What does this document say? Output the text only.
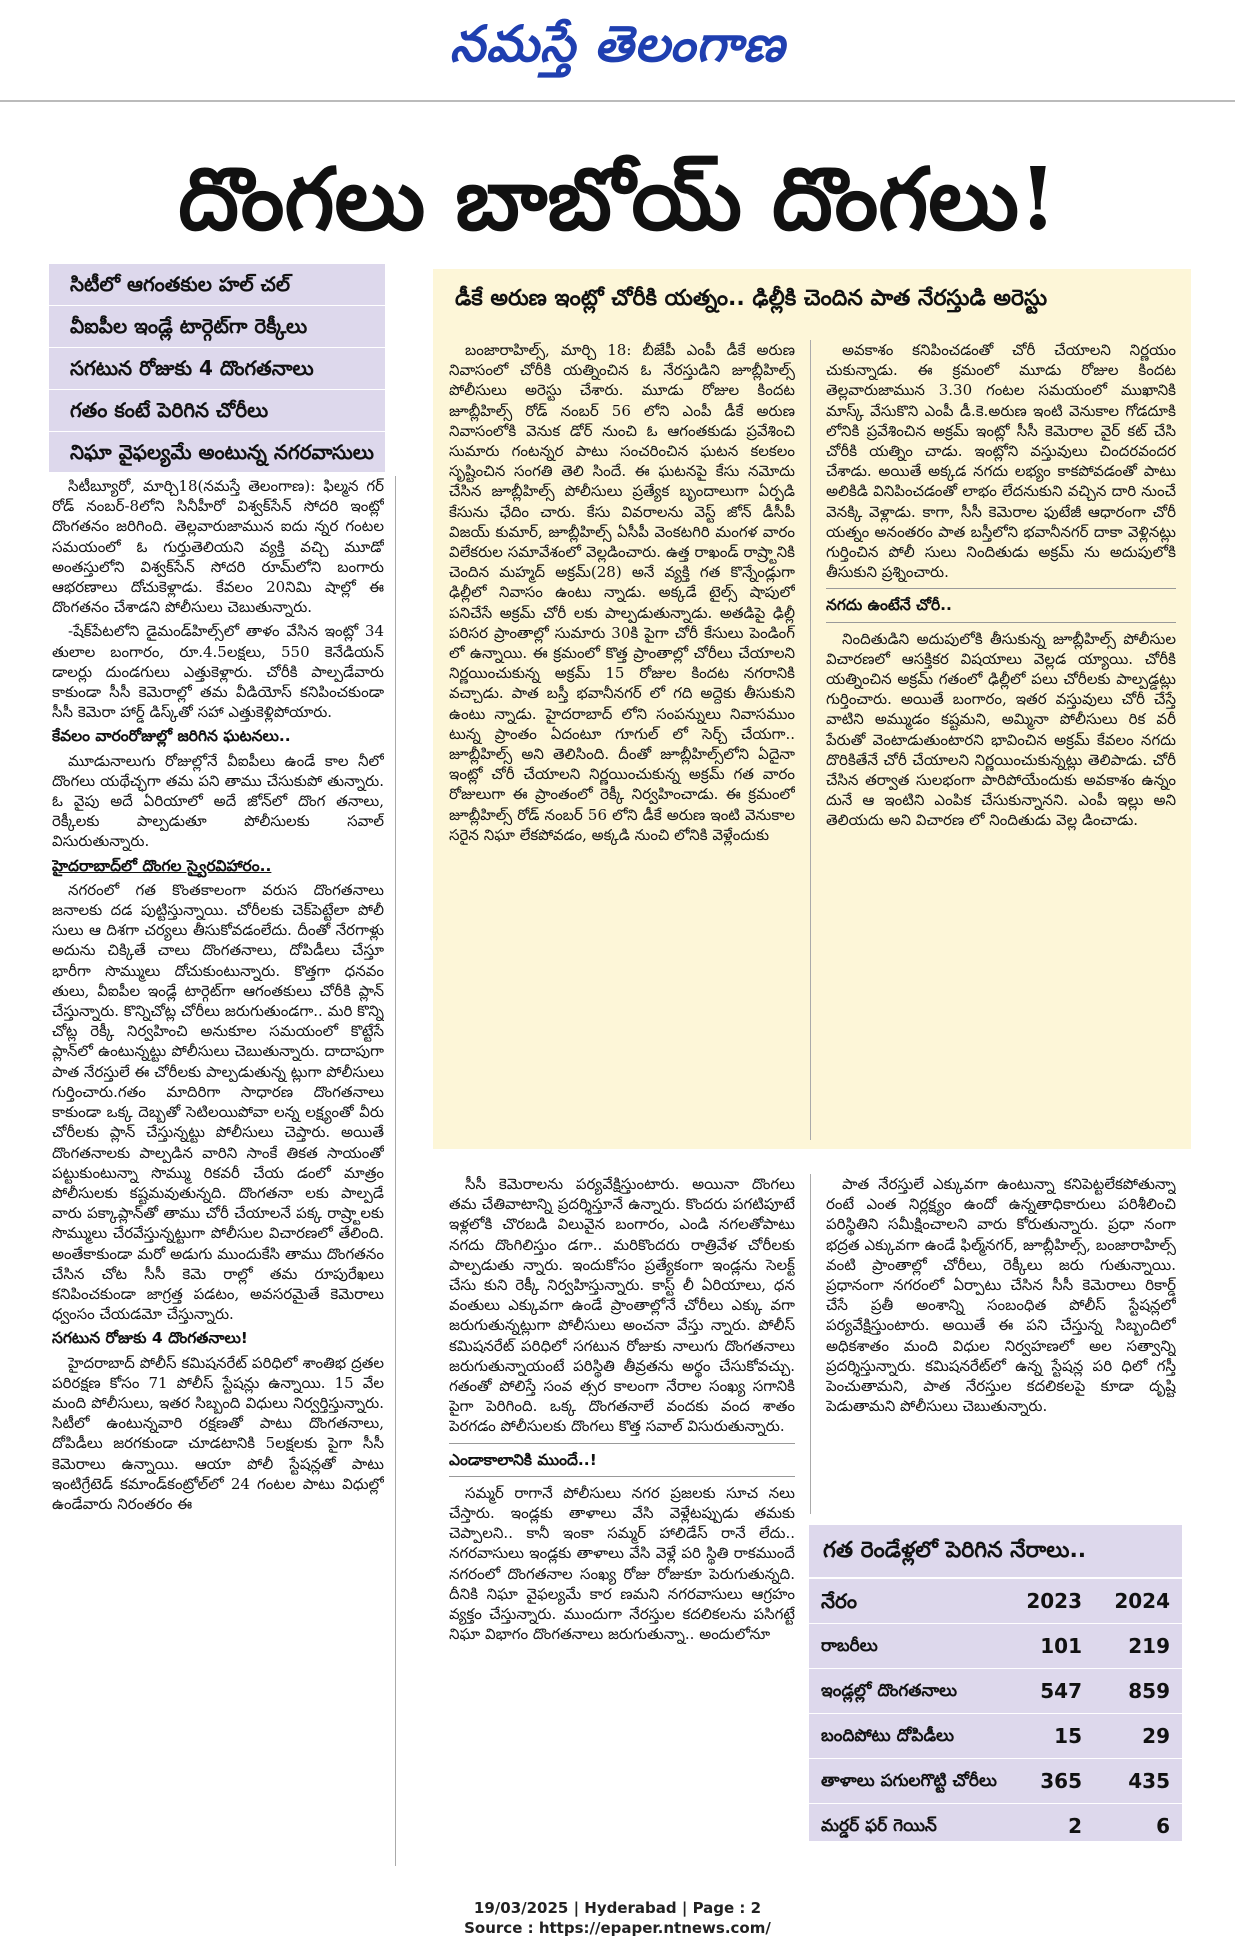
నమస్తే తెలంగాణ
దొంగలు బాబోయ్ దొంగలు!
సిటీలో ఆగంతకుల హల్ చల్
వీఐపీల ఇండ్లే టార్గెట్‌గా రెక్కీలు
సగటున రోజుకు 4 దొంగతనాలు
గతం కంటే పెరిగిన చోరీలు
నిఘా వైఫల్యమే అంటున్న నగరవాసులు
డీకే అరుణ ఇంట్లో చోరీకి యత్నం.. ఢిల్లీకి చెందిన పాత నేరస్తుడి అరెస్టు

సిటీబ్యూరో, మార్చి18(నమస్తే తెలంగాణ): ఫిల్మన గర్ రోడ్ నంబర్-8లోని సినీహీరో విశ్వక్‌సేన్ సోదరి ఇంట్లో దొంగతనం జరిగింది. తెల్లవారుజామున ఐదు న్నర గంటల సమయంలో ఓ గుర్తుతెలియని వ్యక్తి వచ్చి మూడో అంతస్తులోని విశ్వక్‌సేన్ సోదరి రూమ్‌లోని బంగారు ఆభరణాలు దోచుకెళ్లాడు. కేవలం 20నిమి షాల్లో ఈ దొంగతనం చేశాడని పోలీసులు చెబుతున్నారు.

-షేక్‌పేటలోని డైమండ్‌హిల్స్‌లో తాళం వేసిన ఇంట్లో 34 తులాల బంగారం, రూ.4.5లక్షలు, 550 కెనేడియన్ డాలర్లు దుండగులు ఎత్తుకెళ్లారు. చోరీకి పాల్పడేవారు కాకుండా సీసీ కెమెరాల్లో తమ వీడియోస్ కనిపించకుండా సీసీ కెమెరా హార్డ్ డిస్క్‌తో సహా ఎత్తుకెళ్లిపోయారు.

కేవలం వారంరోజుల్లో జరిగిన ఘటనలు..

మూడునాలుగు రోజుల్లోనే వీఐపీలు ఉండే కాల నీలో దొంగలు యథేచ్ఛగా తమ పని తాము చేసుకుపో తున్నారు. ఓ వైపు అదే ఏరియాలో అదే జోన్‌లో దొంగ తనాలు, రెక్కీలకు పాల్పడుతూ పోలీసులకు సవాల్ విసురుతున్నారు.

హైదరాబాద్‌లో దొంగల స్వైరవిహారం..

నగరంలో గత కొంతకాలంగా వరుస దొంగతనాలు జనాలకు దడ పుట్టిస్తున్నాయి. చోరీలకు చెక్‌పెట్టేలా పోలీ సులు ఆ దిశగా చర్యలు తీసుకోవడంలేదు. దీంతో నేరగాళ్లు అదును చిక్కితే చాలు దొంగతనాలు, దోపిడీలు చేస్తూ భారీగా సొమ్ములు దోచుకుంటున్నారు. కొత్తగా ధనవం తులు, వీఐపీల ఇండ్లే టార్గెట్‌గా ఆగంతకులు చోరీకి ప్లాన్ చేస్తున్నారు. కొన్నిచోట్ల చోరీలు జరుగుతుండగా.. మరి కొన్ని చోట్ల రెక్కీ నిర్వహించి అనుకూల సమయంలో కొట్టేసే ప్లాన్‌లో ఉంటున్నట్టు పోలీసులు చెబుతున్నారు. దాదాపుగా పాత నేరస్తులే ఈ చోరీలకు పాల్పడుతున్న ట్లుగా పోలీసులు గుర్తించారు.గతం మాదిరిగా సాధారణ దొంగతనాలు కాకుండా ఒక్క దెబ్బతో సెటిలయిపోవా లన్న లక్ష్యంతో వీరు చోరీలకు ప్లాన్ చేస్తున్నట్టు పోలీసులు చెప్తారు. అయితే దొంగతనాలకు పాల్పడిన వారిని సాంకే తికత సాయంతో పట్టుకుంటున్నా సొమ్ము రికవరీ చేయ డంలో మాత్రం పోలీసులకు కష్టమవుతున్నది. దొంగతనా లకు పాల్పడే వారు పక్కాప్లాన్‌తో తాము చోరీ చేయాలనే పక్క రాష్ర్టాలకు సొమ్ములు చేరవేస్తున్నట్టుగా పోలీసుల విచారణలో తేలింది. అంతేకాకుండా మరో అడుగు ముందుకేసి తాము దొంగతనం చేసిన చోట సీసీ కెమె రాల్లో తమ రూపురేఖలు కనిపించకుండా జాగ్రత్త పడటం, అవసరమైతే కెమెరాలు ధ్వంసం చేయడమో చేస్తున్నారు.

సగటున రోజుకు 4 దొంగతనాలు!

హైదరాబాద్ పోలీస్ కమిషనరేట్ పరిధిలో శాంతిభ ద్రతల పరిరక్షణ కోసం 71 పోలీస్ స్టేషన్లు ఉన్నాయి. 15 వేల మంది పోలీసులు, ఇతర సిబ్బంది విధులు నిర్వర్తిస్తున్నారు. సిటీలో ఉంటున్నవారి రక్షణతో పాటు దొంగతనాలు, దోపిడీలు జరగకుండా చూడటానికి 5లక్షలకు పైగా సీసీ కెమెరాలు ఉన్నాయి. ఆయా పోలీ స్టేషన్లతో పాటు ఇంటిగ్రేటెడ్ కమాండ్‌కంట్రోల్‌లో 24 గంటల పాటు విధుల్లో ఉండేవారు నిరంతరం ఈ

బంజారాహిల్స్, మార్చి 18: బీజేపీ ఎంపీ డీకే అరుణ నివాసంలో చోరీకి యత్నించిన ఓ నేరస్తుడిని జూబ్లీహిల్స్ పోలీసులు అరెస్టు చేశారు. మూడు రోజుల కిందట జూబ్లీహిల్స్ రోడ్ నంబర్ 56 లోని ఎంపీ డీకే అరుణ నివాసంలోకి వెనుక డోర్ నుంచి ఓ ఆగంతకుడు ప్రవేశించి సుమారు గంటన్నర పాటు సంచరించిన ఘటన కలకలం సృష్టించిన సంగతి తెలి సిందే. ఈ ఘటనపై కేసు నమోదు చేసిన జూబ్లీహిల్స్ పోలీసులు ప్రత్యేక బృందాలుగా ఏర్పడి కేసును ఛేదిం చారు. కేసు వివరాలను వెస్ట్ జోన్ డీసీపీ విజయ్ కుమార్, జూబ్లీహిల్స్ ఏసీపీ వెంకటగిరి మంగళ వారం విలేకరుల సమావేశంలో వెల్లడించారు. ఉత్త రాఖండ్ రాష్ర్టానికి చెందిన మహ్మద్ అక్రమ్(28) అనే వ్యక్తి గత కొన్నేండ్లుగా ఢిల్లీలో నివాసం ఉంటు న్నాడు. అక్కడే టైల్స్ షాపులో పనిచేసే అక్రమ్ చోరీ లకు పాల్పడుతున్నాడు. అతడిపై ఢిల్లీ పరిసర ప్రాంతాల్లో సుమారు 30కి పైగా చోరీ కేసులు పెండింగ్ లో ఉన్నాయి. ఈ క్రమంలో కొత్త ప్రాంతాల్లో చోరీలు చేయాలని నిర్ణయించుకున్న అక్రమ్ 15 రోజుల కిందట నగరానికి వచ్చాడు. పాత బస్తీ భవానీనగర్ లో గది అద్దెకు తీసుకుని ఉంటు న్నాడు. హైదరాబాద్ లోని సంపన్నులు నివాసముం టున్న ప్రాంతం ఏదంటూ గూగుల్ లో సెర్చ్ చేయగా.. జూబ్లీహిల్స్ అని తెలిసింది. దీంతో జూబ్లీహిల్స్‌లోని ఏదైనా ఇంట్లో చోరీ చేయాలని నిర్ణయించుకున్న అక్రమ్ గత వారం రోజులుగా ఈ ప్రాంతంలో రెక్కీ నిర్వహించాడు. ఈ క్రమంలో జూబ్లీహిల్స్ రోడ్ నంబర్ 56 లోని డీకే అరుణ ఇంటి వెనుకాల సరైన నిఘా లేకపోవడం, అక్కడి నుంచి లోనికి వెళ్లేందుకు

అవకాశం కనిపించడంతో చోరీ చేయాలని నిర్ణయం చుకున్నాడు. ఈ క్రమంలో మూడు రోజుల కిందట తెల్లవారుజామున 3.30 గంటల సమయంలో ముఖానికి మాస్క్ వేసుకొని ఎంపీ డీ.కె.అరుణ ఇంటి వెనుకాల గోడదూకి లోనికి ప్రవేశించిన అక్రమ్ ఇంట్లో సీసీ కెమెరాల వైర్ కట్ చేసి చోరీకి యత్నిం చాడు. ఇంట్లోని వస్తువులు చిందరవందర చేశాడు. అయితే అక్కడ నగదు లభ్యం కాకపోవడంతో పాటు అలికిడి వినిపించడంతో లాభం లేదనుకుని వచ్చిన దారి నుంచే వెనక్కి వెళ్లాడు. కాగా, సీసీ కెమెరాల ఫుటేజీ ఆధారంగా చోరీ యత్నం అనంతరం పాత బస్తీలోని భవానీనగర్ దాకా వెళ్లినట్లు గుర్తించిన పోలీ సులు నిందితుడు అక్రమ్ ను అదుపులోకి తీసుకుని ప్రశ్నించారు.

నగదు ఉంటేనే చోరీ..

నిందితుడిని అదుపులోకి తీసుకున్న జూబ్లీహిల్స్ పోలీసుల విచారణలో ఆసక్తికర విషయాలు వెల్లడ య్యాయి. చోరీకి యత్నించిన అక్రమ్ గతంలో ఢిల్లీలో పలు చోరీలకు పాల్పడ్డట్లు గుర్తించారు. అయితే బంగారం, ఇతర వస్తువులు చోరీ చేస్తే వాటిని అమ్ముడం కష్టమని, అమ్మినా పోలీసులు రిక వరీ పేరుతో వెంటాడుతుంటారని భావించిన అక్రమ్ కేవలం నగదు దొరికితేనే చోరీ చేయాలని నిర్ణయించుకున్నట్లు తెలిపాడు. చోరీ చేసిన తర్వాత సులభంగా పారిపోయేందుకు అవకాశం ఉన్నం దునే ఆ ఇంటిని ఎంపిక చేసుకున్నానని. ఎంపీ ఇల్లు అని తెలియదు అని విచారణ లో నిందితుడు వెల్ల డించాడు.

సీసీ కెమెరాలను పర్యవేక్షిస్తుంటారు. అయినా దొంగలు తమ చేతివాటాన్ని ప్రదర్శిస్తూనే ఉన్నారు. కొందరు పగటిపూటే ఇళ్లలోకి చొరబడి విలువైన బంగారం, ఎండి నగలతోపాటు నగదు దొంగిలిస్తుం డగా.. మరికొందరు రాత్రివేళ చోరీలకు పాల్పడుతు న్నారు. ఇందుకోసం ప్రత్యేకంగా ఇండ్లను సెలక్ట్ చేసు కుని రెక్కీ నిర్వహిస్తున్నారు. కాస్ట్ లీ ఏరియాలు, ధన వంతులు ఎక్కువగా ఉండే ప్రాంతాల్లోనే చోరీలు ఎక్కు వగా జరుగుతున్నట్లుగా పోలీసులు అంచనా వేస్తు న్నారు. పోలీస్ కమిషనరేట్ పరిధిలో సగటున రోజుకు నాలుగు దొంగతనాలు జరుగుతున్నాయంటే పరిస్థితి తీవ్రతను అర్థం చేసుకోవచ్చు. గతంతో పోలిస్తే సంవ త్సర కాలంగా నేరాల సంఖ్య సగానికి పైగా పెరిగింది. ఒక్క దొంగతనాలే వందకు వంద శాతం పెరగడం పోలీసులకు దొంగలు కొత్త సవాల్ విసురుతున్నారు.

ఎండాకాలానికి ముందే..!

సమ్మర్ రాగానే పోలీసులు నగర ప్రజలకు సూచ నలు చేస్తారు. ఇండ్లకు తాళాలు వేసి వెళ్లేటప్పుడు తమకు చెప్పాలని.. కానీ ఇంకా సమ్మర్ హాలిడేస్ రానే లేదు.. నగరవాసులు ఇండ్లకు తాళాలు వేసి వెళ్లే పరి స్థితి రాకముందే నగరంలో దొంగతనాల సంఖ్య రోజు రోజుకూ పెరుగుతున్నది. దీనికి నిఘా వైఫల్యమే కార ణమని నగరవాసులు ఆగ్రహం వ్యక్తం చేస్తున్నారు. ముందుగా నేరస్తుల కదలికలను పసిగట్టే నిఘా విభాగం దొంగతనాలు జరుగుతున్నా.. అందులోనూ

పాత నేరస్తులే ఎక్కువగా ఉంటున్నా కనిపెట్టలేకపోతున్నా రంటే ఎంత నిర్లక్ష్యం ఉందో ఉన్నతాధికారులు పరిశీలించి పరిస్థితిని సమీక్షించాలని వారు కోరుతున్నారు. ప్రధా నంగా భద్రత ఎక్కువగా ఉండే ఫిల్మ్‌నగర్, జూబ్లీహిల్స్, బంజారాహిల్స్ వంటి ప్రాంతాల్లో చోరీలు, రెక్కీలు జరు గుతున్నాయి. ప్రధానంగా నగరంలో ఏర్పాటు చేసిన సీసీ కెమెరాలు రికార్డ్ చేసే ప్రతీ అంశాన్ని సంబంధిత పోలీస్ స్టేషన్లలో పర్యవేక్షిస్తుంటారు. అయితే ఈ పని చేస్తున్న సిబ్బందిలో అధికశాతం మంది విధుల నిర్వహణలో అల సత్వాన్ని ప్రదర్శిస్తున్నారు. కమిషనరేట్‌లో ఉన్న స్టేషన్ల పరి ధిలో గస్తీ పెంచుతామని, పాత నేరస్తుల కదలికలపై కూడా దృష్టి పెడుతామని పోలీసులు చెబుతున్నారు.

గత రెండేళ్లలో పెరిగిన నేరాలు..
నేరం	2023 2024
రాబరీలు	101 219
ఇండ్లల్లో దొంగతనాలు	547 859
బందిపోటు దోపిడీలు	15	29
తాళాలు పగులగొట్టి చోరీలు 365 435
మర్డర్ ఫర్ గెయిన్	2	6
19/03/2025 | Hyderabad | Page : 2
Source : https://epaper.ntnews.com/
